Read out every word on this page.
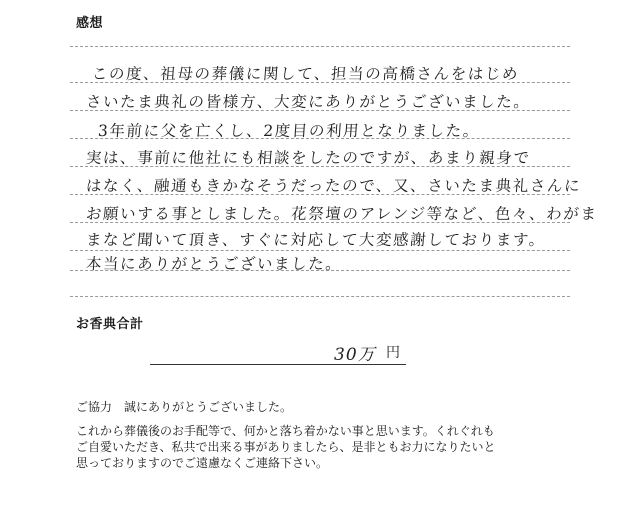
感想
この度、祖母の葬儀に関して、担当の高橋さんをはじめ
さいたま典礼の皆様方、大変にありがとうございました。
3年前に父を亡くし、2度目の利用となりました。
実は、事前に他社にも相談をしたのですが、あまり親身で
はなく、融通もきかなそうだったので、又、さいたま典礼さんに
お願いする事としました。花祭壇のアレンジ等など、色々、わがま
まなど聞いて頂き、すぐに対応して大変感謝しております。
本当にありがとうございました。
お香典合計
30万 円
ご協力　誠にありがとうございました。
これから葬儀後のお手配等で、何かと落ち着かない事と思います。くれぐれも
ご自愛いただき、私共で出来る事がありましたら、是非ともお力になりたいと
思っておりますのでご遠慮なくご連絡下さい。
